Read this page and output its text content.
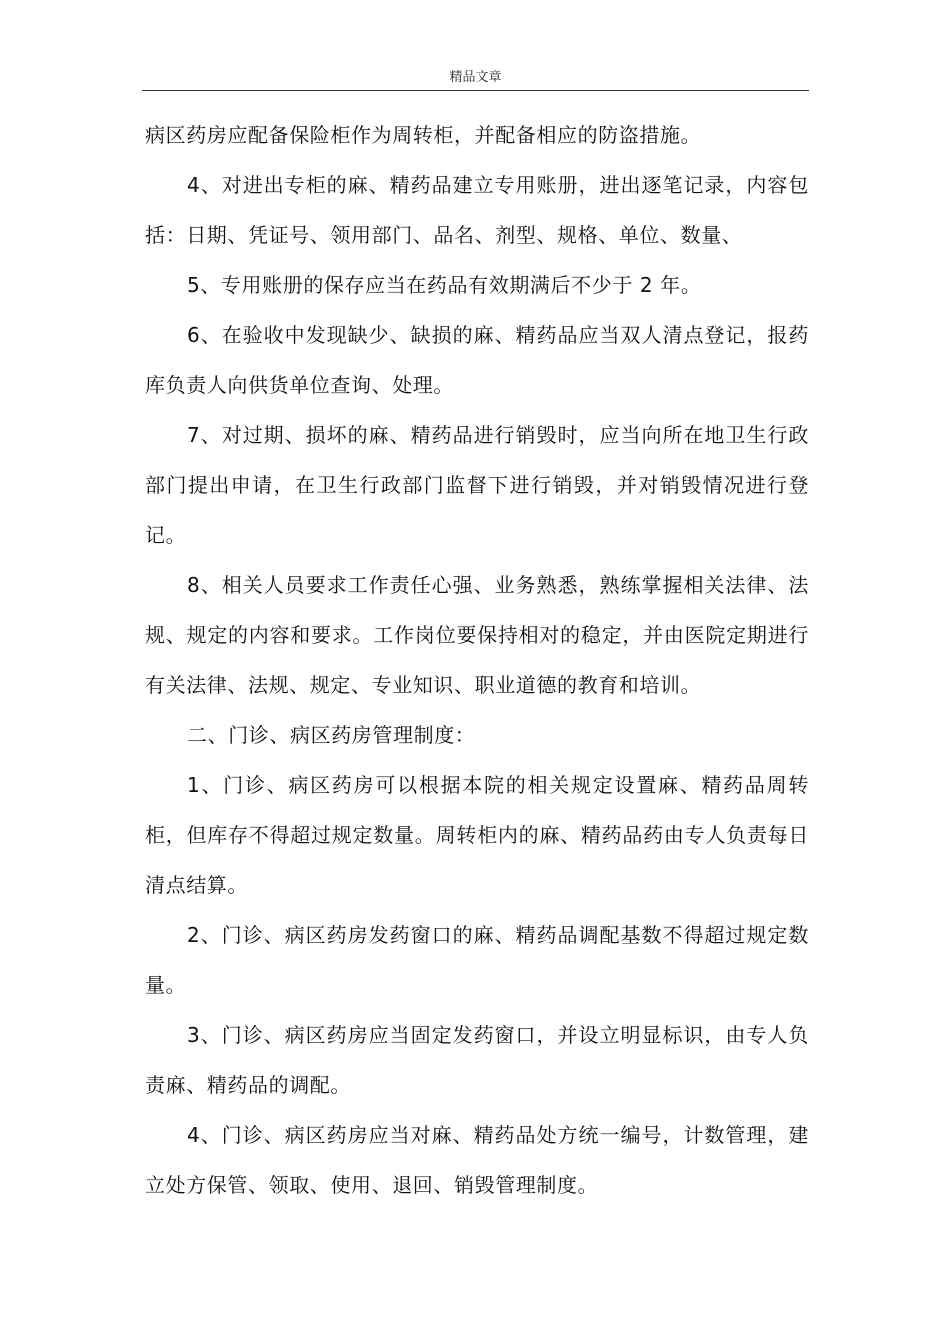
精品文章

病区药房应配备保险柜作为周转柜，并配备相应的防盗措施。

4、对进出专柜的麻、精药品建立专用账册，进出逐笔记录，内容包括：日期、凭证号、领用部门、品名、剂型、规格、单位、数量、

5、专用账册的保存应当在药品有效期满后不少于 2 年。

6、在验收中发现缺少、缺损的麻、精药品应当双人清点登记，报药库负责人向供货单位查询、处理。

7、对过期、损坏的麻、精药品进行销毁时，应当向所在地卫生行政部门提出申请，在卫生行政部门监督下进行销毁，并对销毁情况进行登记。

8、相关人员要求工作责任心强、业务熟悉，熟练掌握相关法律、法规、规定的内容和要求。工作岗位要保持相对的稳定，并由医院定期进行有关法律、法规、规定、专业知识、职业道德的教育和培训。

二、门诊、病区药房管理制度：

1、门诊、病区药房可以根据本院的相关规定设置麻、精药品周转柜，但库存不得超过规定数量。周转柜内的麻、精药品药由专人负责每日清点结算。

2、门诊、病区药房发药窗口的麻、精药品调配基数不得超过规定数量。

3、门诊、病区药房应当固定发药窗口，并设立明显标识，由专人负责麻、精药品的调配。

4、门诊、病区药房应当对麻、精药品处方统一编号，计数管理，建立处方保管、领取、使用、退回、销毁管理制度。
